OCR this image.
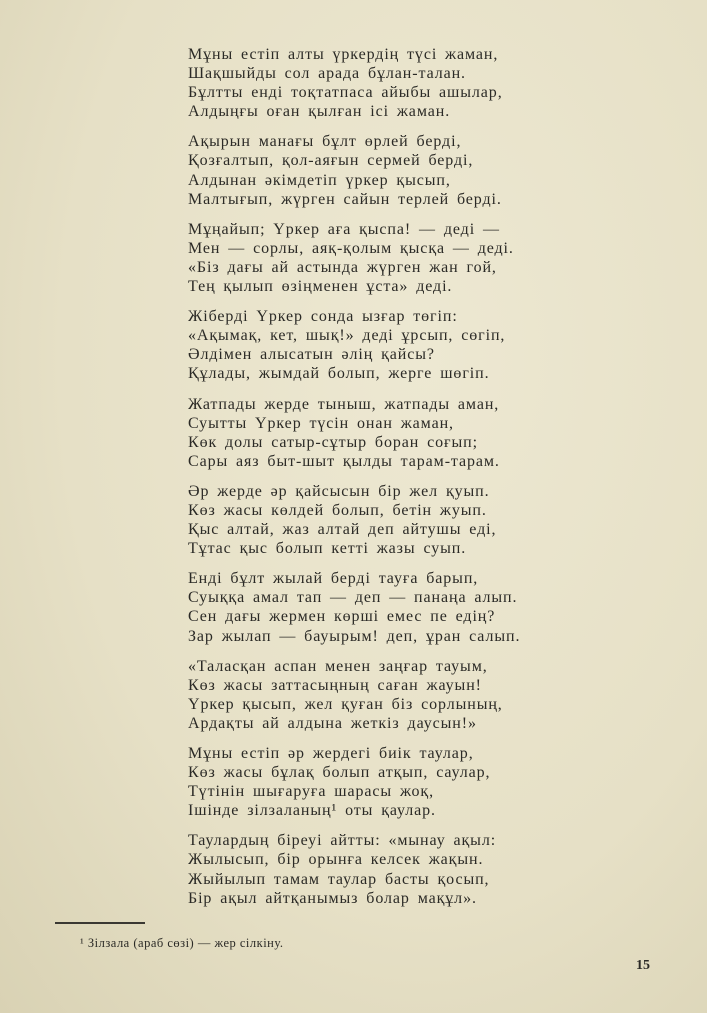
Мұны естіп алты үркердің түсі жаман,
Шақшыйды сол арада бұлан-талан.
Бұлтты енді тоқтатпаса айыбы ашылар,
Алдыңғы оған қылған ісі жаман.
Ақырын манағы бұлт өрлей берді,
Қозғалтып, қол-аяғын сермей берді,
Алдынан әкімдетіп үркер қысып,
Малтығып, жүрген сайын терлей берді.
Мұңайып; Үркер аға қыспа! — деді —
Мен — сорлы, аяқ-қолым қысқа — деді.
«Біз дағы ай астында жүрген жан гой,
Тең қылып өзіңменен ұста» деді.
Жіберді Үркер сонда ызғар төгіп:
«Ақымақ, кет, шық!» деді ұрсып, сөгіп,
Әлдімен алысатын әлің қайсы?
Құлады, жымдай болып, жерге шөгіп.
Жатпады жерде тыныш, жатпады аман,
Суытты Үркер түсін онан жаман,
Көк долы сатыр-сұтыр боран соғып;
Сары аяз быт-шыт қылды тарам-тарам.
Әр жерде әр қайсысын бір жел қуып.
Көз жасы көлдей болып, бетін жуып.
Қыс алтай, жаз алтай деп айтушы еді,
Тұтас қыс болып кетті жазы суып.
Енді бұлт жылай берді тауға барып,
Суыққа амал тап — деп — панаңа алып.
Сен дағы жермен көрші емес пе едің?
Зар жылап — бауырым! деп, ұран салып.
«Таласқан аспан менен заңғар тауым,
Көз жасы заттасыңның саған жауын!
Үркер қысып, жел қуған біз сорлының,
Ардақты ай алдына жеткіз даусын!»
Мұны естіп әр жердегі биік таулар,
Көз жасы бұлақ болып атқып, саулар,
Түтінін шығаруға шарасы жоқ,
Ішінде зілзаланың¹ оты қаулар.
Таулардың біреуі айтты: «мынау ақыл:
Жылысып, бір орынға келсек жақын.
Жыйылып тамам таулар басты қосып,
Бір ақыл айтқанымыз болар мақұл».
¹ Зілзала (араб сөзі) — жер сілкіну.
15
